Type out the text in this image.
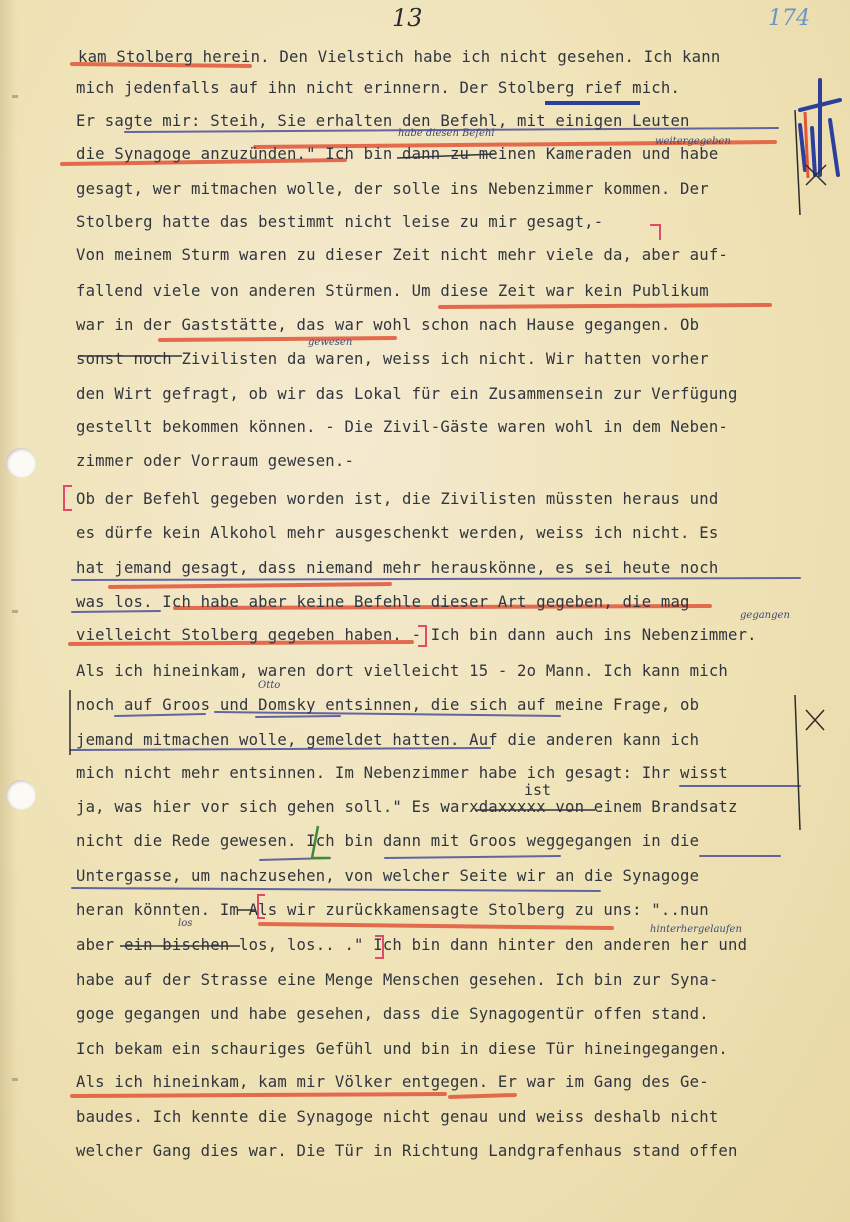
13	174
kam Stolberg herein. Den Vielstich habe ich nicht gesehen. Ich kann
mich jedenfalls auf ihn nicht erinnern. Der Stolberg rief mich.
Er sagte mir: Steih, Sie erhalten den Befehl, mit einigen Leuten
die Synagoge anzuzünden." Ich bin dann zu meinen Kameraden und habe
gesagt, wer mitmachen wolle, der solle ins Nebenzimmer kommen. Der
Stolberg hatte das bestimmt nicht leise zu mir gesagt,-
Von meinem Sturm waren zu dieser Zeit nicht mehr viele da, aber auf-
fallend viele von anderen Stürmen. Um diese Zeit war kein Publikum
war in der Gaststätte, das war wohl schon nach Hause gegangen. Ob
sonst noch Zivilisten da waren, weiss ich nicht. Wir hatten vorher
den Wirt gefragt, ob wir das Lokal für ein Zusammensein zur Verfügung
gestellt bekommen können. - Die Zivil-Gäste waren wohl in dem Neben-
zimmer oder Vorraum gewesen.-
Ob der Befehl gegeben worden ist, die Zivilisten müssten heraus und
es dürfe kein Alkohol mehr ausgeschenkt werden, weiss ich nicht. Es
hat jemand gesagt, dass niemand mehr herauskönne, es sei heute noch
was los. Ich habe aber keine Befehle dieser Art gegeben, die mag
vielleicht Stolberg gegeben haben. - Ich bin dann auch ins Nebenzimmer.
Als ich hineinkam, waren dort vielleicht 15 - 2o Mann. Ich kann mich
noch auf Groos und Domsky entsinnen, die sich auf meine Frage, ob
jemand mitmachen wolle, gemeldet hatten. Auf die anderen kann ich
mich nicht mehr entsinnen. Im Nebenzimmer habe ich gesagt: Ihr wisst
ja, was hier vor sich gehen soll." Es warxdaxxxxx von einem Brandsatz
nicht die Rede gewesen. Ich bin dann mit Groos weggegangen in die
Untergasse, um nachzusehen, von welcher Seite wir an die Synagoge
heran könnten. Im Als wir zurückkamensagte Stolberg zu uns: "..nun
aber ein bischen los, los.. ." Ich bin dann hinter den anderen her und
habe auf der Strasse eine Menge Menschen gesehen. Ich bin zur Syna-
goge gegangen und habe gesehen, dass die Synagogentür offen stand.
Ich bekam ein schauriges Gefühl und bin in diese Tür hineingegangen.
Als ich hineinkam, kam mir Völker entgegen. Er war im Gang des Ge-
baudes. Ich kennte die Synagoge nicht genau und weiss deshalb nicht
welcher Gang dies war. Die Tür in Richtung Landgrafenhaus stand offen
habe diesen Befehl
weitergegeben
gewesen
Otto
ist
gegangen
los
hinterhergelaufen
